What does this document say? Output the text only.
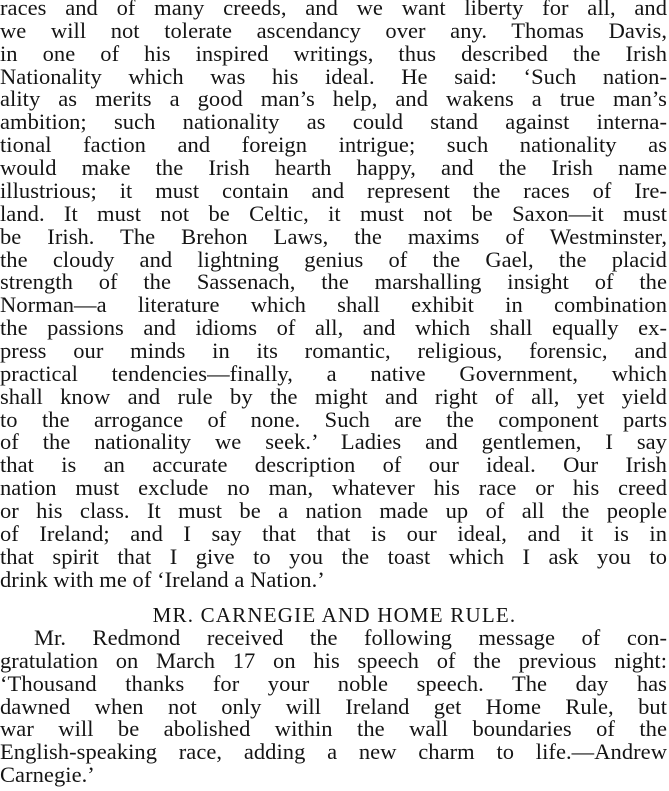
races and of many creeds, and we want liberty for all, and
we will not tolerate ascendancy over any. Thomas Davis,
in one of his inspired writings, thus described the Irish
Nationality which was his ideal. He said: ‘Such nation-
ality as merits a good man’s help, and wakens a true man’s
ambition; such nationality as could stand against interna-
tional faction and foreign intrigue; such nationality as
would make the Irish hearth happy, and the Irish name
illustrious; it must contain and represent the races of Ire-
land. It must not be Celtic, it must not be Saxon—it must
be Irish. The Brehon Laws, the maxims of Westminster,
the cloudy and lightning genius of the Gael, the placid
strength of the Sassenach, the marshalling insight of the
Norman—a literature which shall exhibit in combination
the passions and idioms of all, and which shall equally ex-
press our minds in its romantic, religious, forensic, and
practical tendencies—finally, a native Government, which
shall know and rule by the might and right of all, yet yield
to the arrogance of none. Such are the component parts
of the nationality we seek.’ Ladies and gentlemen, I say
that is an accurate description of our ideal. Our Irish
nation must exclude no man, whatever his race or his creed
or his class. It must be a nation made up of all the people
of Ireland; and I say that that is our ideal, and it is in
that spirit that I give to you the toast which I ask you to
drink with me of ‘Ireland a Nation.’
MR. CARNEGIE AND HOME RULE.
Mr. Redmond received the following message of con-
gratulation on March 17 on his speech of the previous night:
‘Thousand thanks for your noble speech. The day has
dawned when not only will Ireland get Home Rule, but
war will be abolished within the wall boundaries of the
English-speaking race, adding a new charm to life.—Andrew
Carnegie.’
